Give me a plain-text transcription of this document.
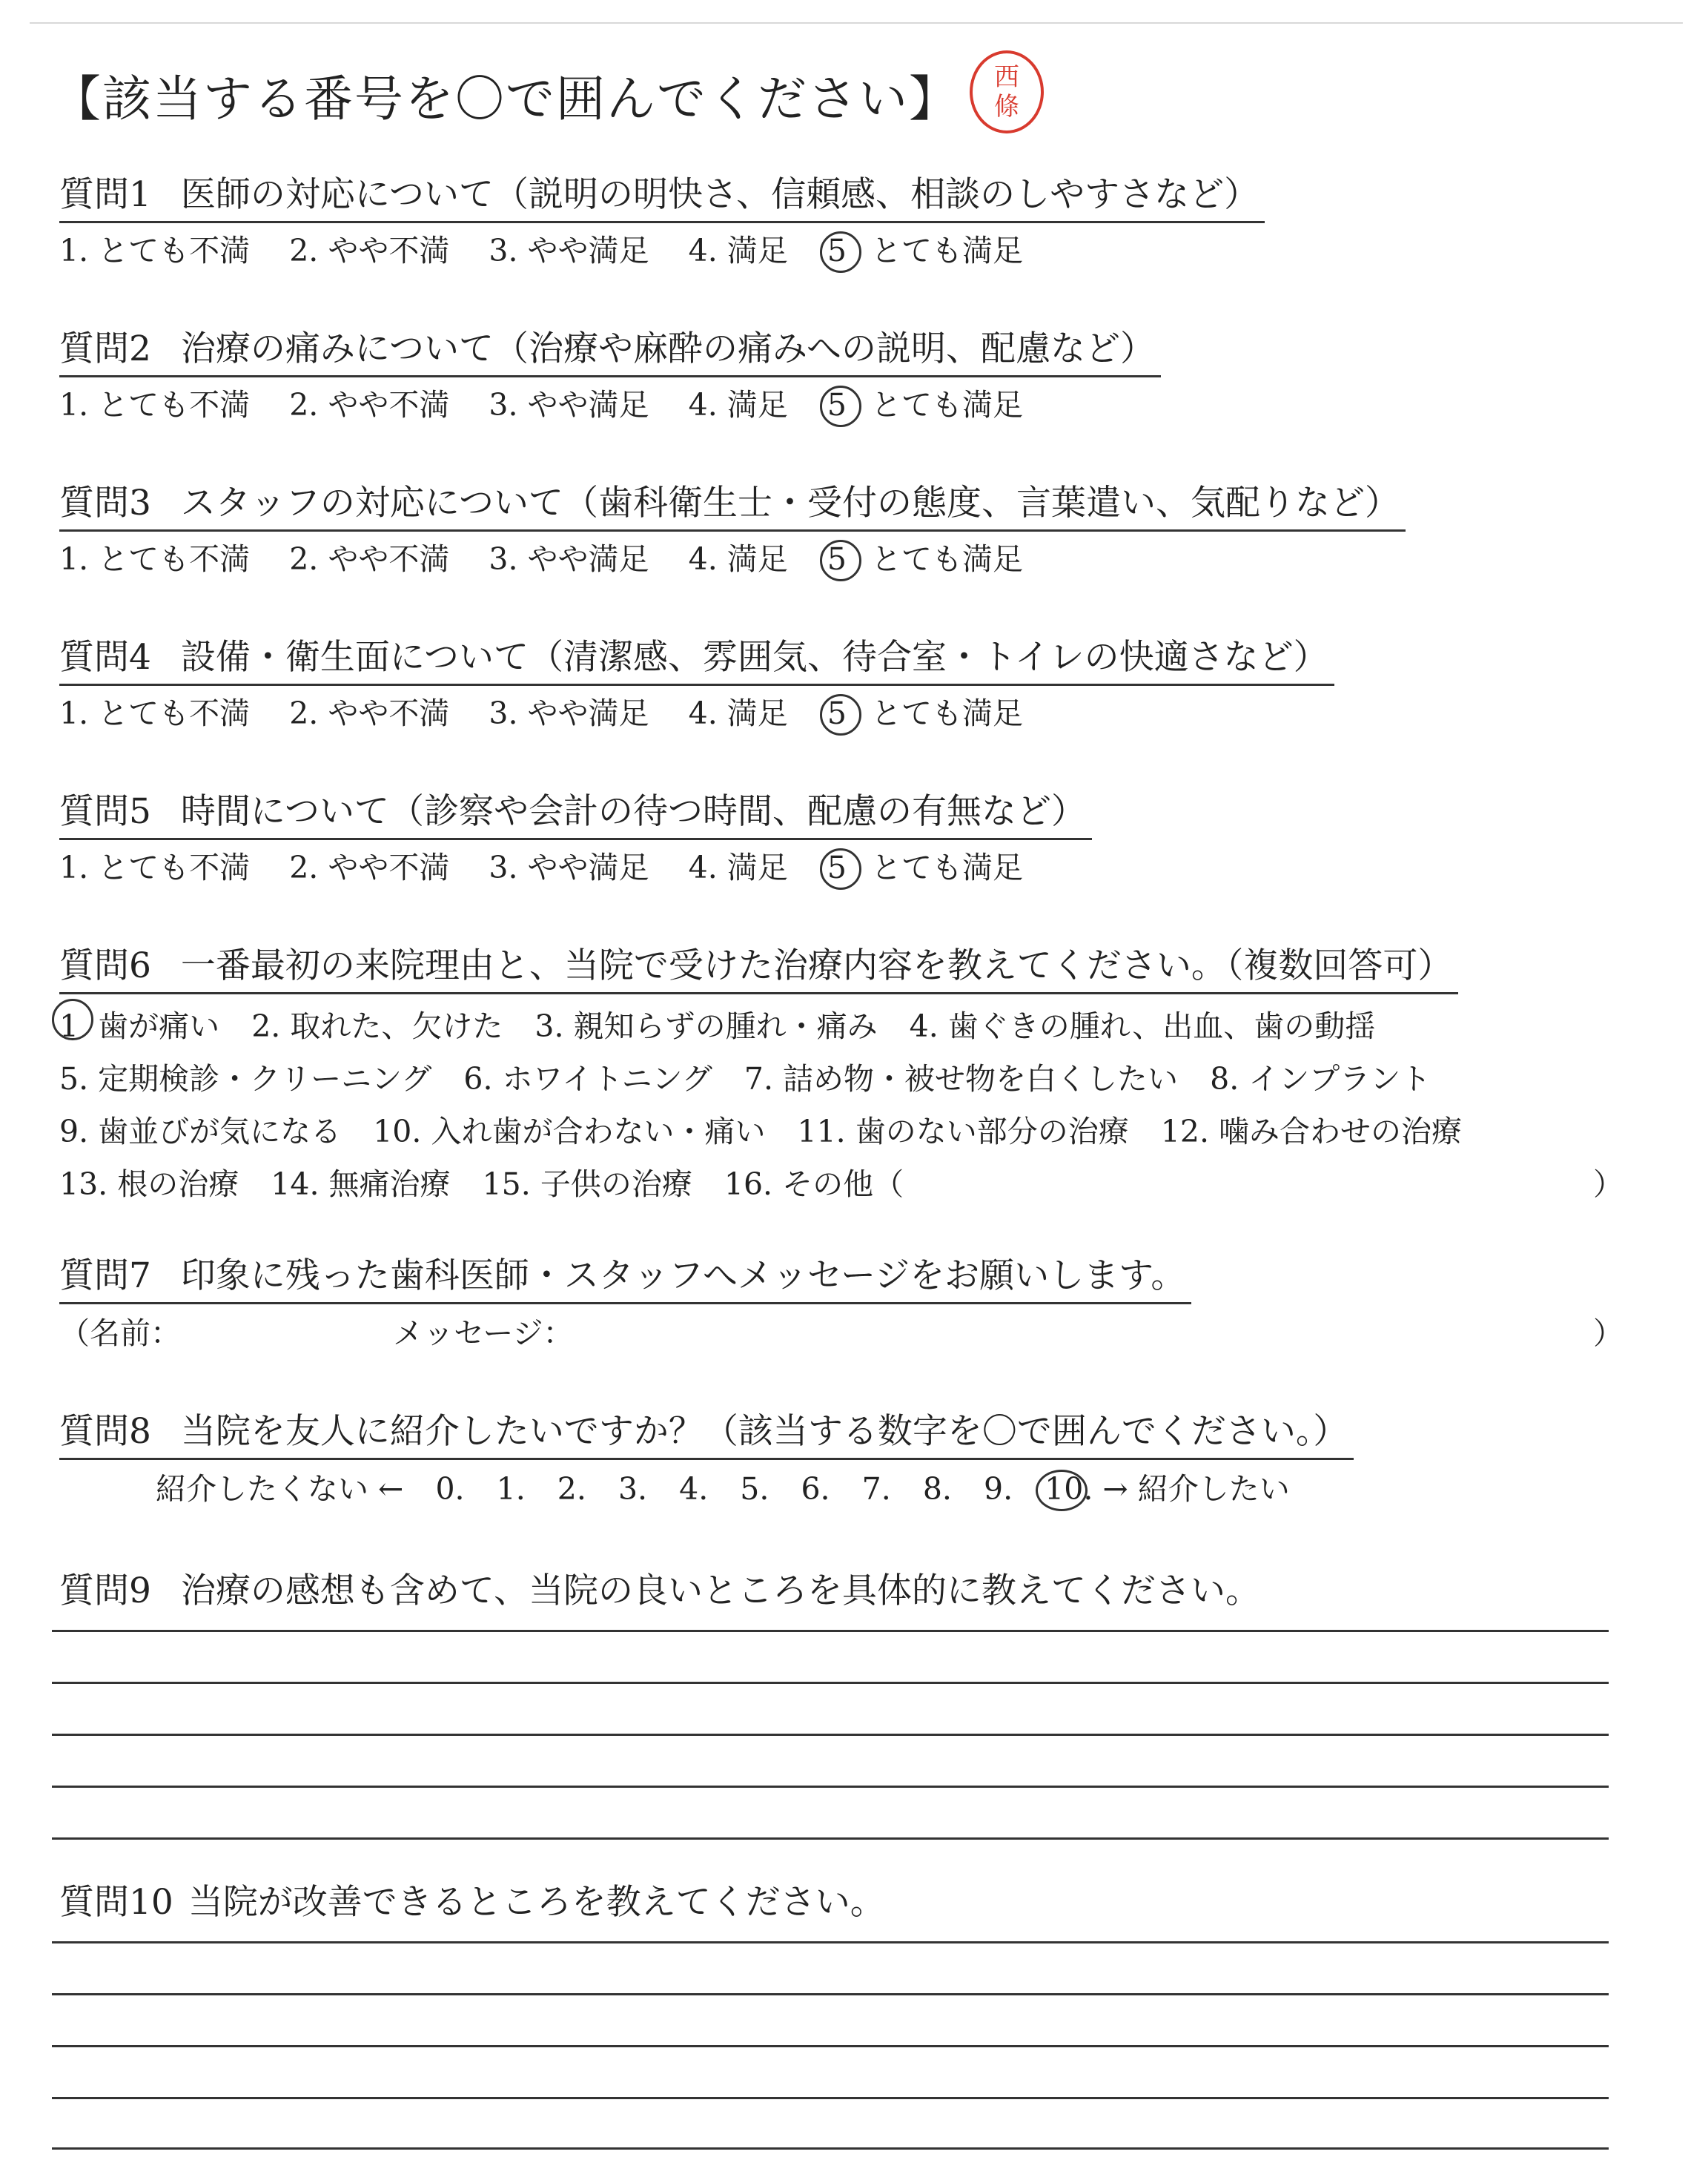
【該当する番号を〇で囲んでください】 西
條
質問1 医師の対応について（説明の明快さ、信頼感、相談のしやすさなど）
1. とても不満 2. やや不満 3. やや満足 4. 満足 5 とても満足
質問2 治療の痛みについて（治療や麻酔の痛みへの説明、配慮など）
1. とても不満 2. やや不満 3. やや満足 4. 満足 5 とても満足
質問3 スタッフの対応について（歯科衛生士・受付の態度、言葉遣い、気配りなど）
1. とても不満 2. やや不満 3. やや満足 4. 満足 5 とても満足
質問4 設備・衛生面について（清潔感、雰囲気、待合室・トイレの快適さなど）
1. とても不満 2. やや不満 3. やや満足 4. 満足 5 とても満足
質問5 時間について（診察や会計の待つ時間、配慮の有無など）
1. とても不満 2. やや不満 3. やや満足 4. 満足 5 とても満足
質問6 一番最初の来院理由と、当院で受けた治療内容を教えてください。（複数回答可）
1 歯が痛い 2. 取れた、欠けた 3. 親知らずの腫れ・痛み 4. 歯ぐきの腫れ、出血、歯の動揺
5. 定期検診・クリーニング 6. ホワイトニング 7. 詰め物・被せ物を白くしたい 8. インプラント
9. 歯並びが気になる 10. 入れ歯が合わない・痛い 11. 歯のない部分の治療 12. 噛み合わせの治療
13. 根の治療 14. 無痛治療 15. 子供の治療 16. その他（	）
質問7 印象に残った歯科医師・スタッフへメッセージをお願いします。
（名前：	メッセージ：	）
質問8 当院を友人に紹介したいですか？（該当する数字を〇で囲んでください。）
紹介したくない ← 0. 1. 2. 3. 4. 5. 6. 7. 8. 9. 10. → 紹介したい
質問9 治療の感想も含めて、当院の良いところを具体的に教えてください。
質問10 当院が改善できるところを教えてください。
